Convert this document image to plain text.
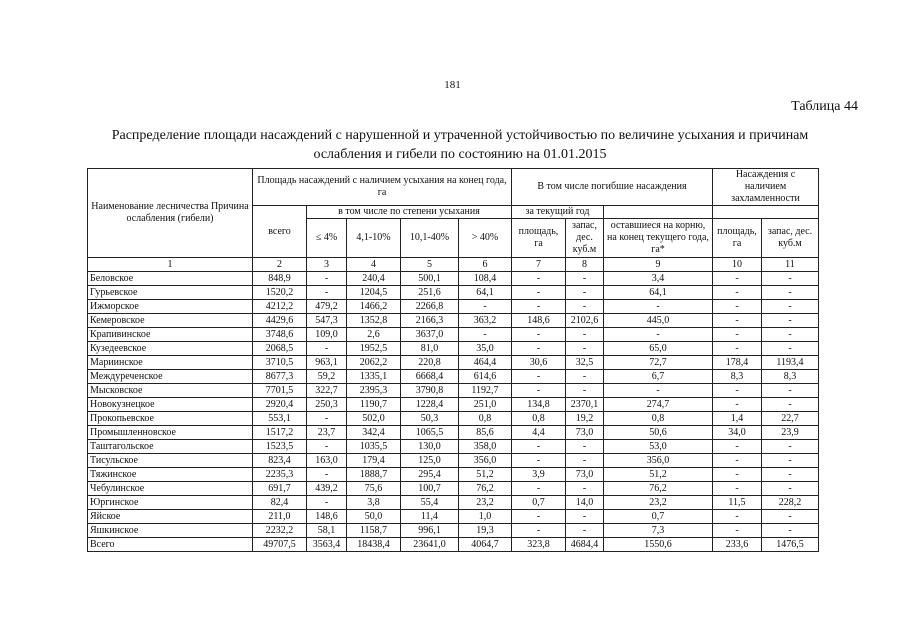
181
Таблица 44
Распределение площади насаждений с нарушенной и утраченной устойчивостью по величине усыхания и причинам
ослабления и гибели по состоянию на 01.01.2015
Наименование лесничества Причина ослабления (гибели)	Площадь насаждений с наличием усыхания на конец года, га					В том числе погибшие насаждения			Насаждения с наличием захламленности	
	всего	в том числе по степени усыхания				за текущий год				
		≤ 4%	4,1-10%	10,1-40%	> 40%	площадь, га	запас, дес. куб.м	оставшиеся на корню, на конец текущего года, га*	площадь, га	запас, дес. куб.м
1	2	3	4	5	6	7	8	9	10	11
Беловское	848,9	-	240,4	500,1	108,4	-	-	3,4	-	-
Гурьевское	1520,2	-	1204,5	251,6	64,1	-	-	64,1	-	-
Ижморское	4212,2	479,2	1466,2	2266,8	-	-	-	-	-	-
Кемеровское	4429,6	547,3	1352,8	2166,3	363,2	148,6	2102,6	445,0	-	-
Крапивинское	3748,6	109,0	2,6	3637,0	-	-	-	-	-	-
Кузедеевское	2068,5	-	1952,5	81,0	35,0	-	-	65,0	-	-
Мариинское	3710,5	963,1	2062,2	220,8	464,4	30,6	32,5	72,7	178,4	1193,4
Междуреченское	8677,3	59,2	1335,1	6668,4	614,6	-	-	6,7	8,3	8,3
Мысковское	7701,5	322,7	2395,3	3790,8	1192,7	-	-	-	-	-
Новокузнецкое	2920,4	250,3	1190,7	1228,4	251,0	134,8	2370,1	274,7	-	-
Прокопьевское	553,1	-	502,0	50,3	0,8	0,8	19,2	0,8	1,4	22,7
Промышленновское	1517,2	23,7	342,4	1065,5	85,6	4,4	73,0	50,6	34,0	23,9
Таштагольское	1523,5	-	1035,5	130,0	358,0	-	-	53,0	-	-
Тисульское	823,4	163,0	179,4	125,0	356,0	-	-	356,0	-	-
Тяжинское	2235,3	-	1888,7	295,4	51,2	3,9	73,0	51,2	-	-
Чебулинское	691,7	439,2	75,6	100,7	76,2	-	-	76,2	-	-
Юргинское	82,4	-	3,8	55,4	23,2	0,7	14,0	23,2	11,5	228,2
Яйское	211,0	148,6	50,0	11,4	1,0	-	-	0,7	-	-
Яшкинское	2232,2	58,1	1158,7	996,1	19,3	-	-	7,3	-	-
Всего	49707,5	3563,4	18438,4	23641,0	4064,7	323,8	4684,4	1550,6	233,6	1476,5
